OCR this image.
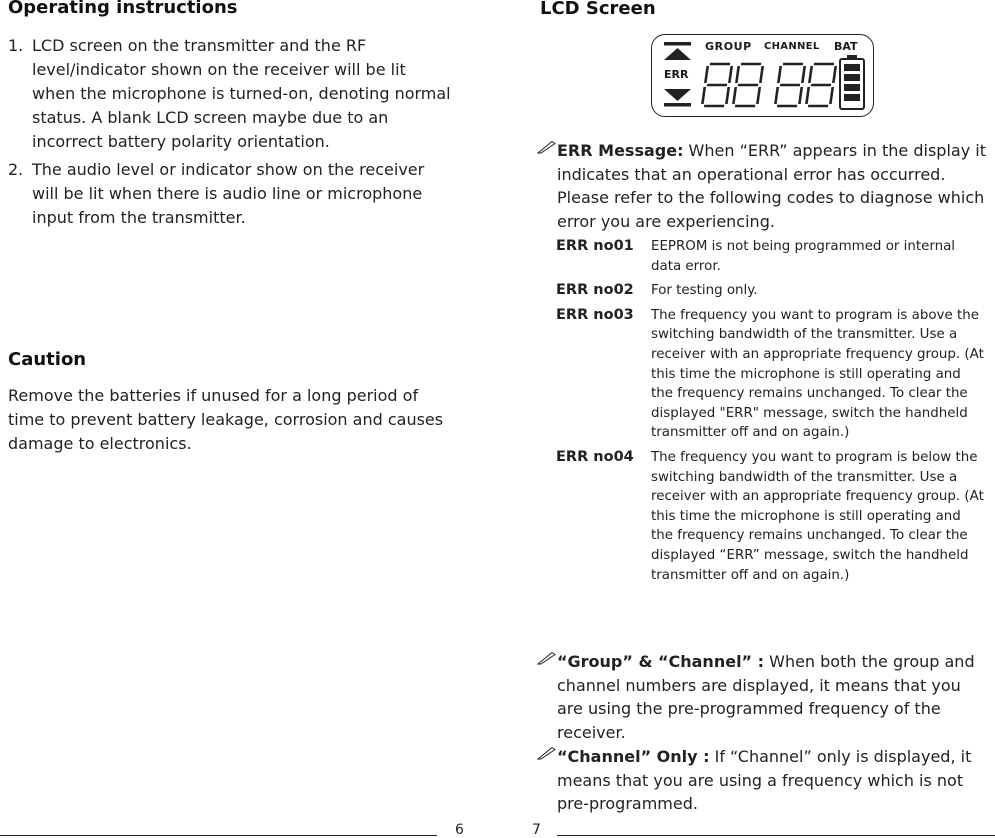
Operating instructions
1. LCD screen on the transmitter and the RF level/indicator shown on the receiver will be lit when the microphone is turned-on, denoting normal status. A blank LCD screen maybe due to an incorrect battery polarity orientation.
2. The audio level or indicator show on the receiver will be lit when there is audio line or microphone input from the transmitter.
Caution
Remove the batteries if unused for a long period of time to prevent battery leakage, corrosion and causes damage to electronics.
6
LCD Screen
GROUP CHANNEL BAT
ERR
ERR Message: When “ERR” appears in the display it indicates that an operational error has occurred. Please refer to the following codes to diagnose which error you are experiencing.
ERR no01	EEPROM is not being programmed or internal data error.
ERR no02	For testing only.
ERR no03	The frequency you want to program is above the switching bandwidth of the transmitter. Use a receiver with an appropriate frequency group. (At this time the microphone is still operating and the frequency remains unchanged. To clear the displayed "ERR" message, switch the handheld transmitter off and on again.)
ERR no04	The frequency you want to program is below the switching bandwidth of the transmitter. Use a receiver with an appropriate frequency group. (At this time the microphone is still operating and the frequency remains unchanged. To clear the displayed “ERR” message, switch the handheld transmitter off and on again.)
“Group” & “Channel” : When both the group and channel numbers are displayed, it means that you are using the pre-programmed frequency of the receiver.
“Channel” Only : If “Channel” only is displayed, it means that you are using a frequency which is not pre-programmed.
7
